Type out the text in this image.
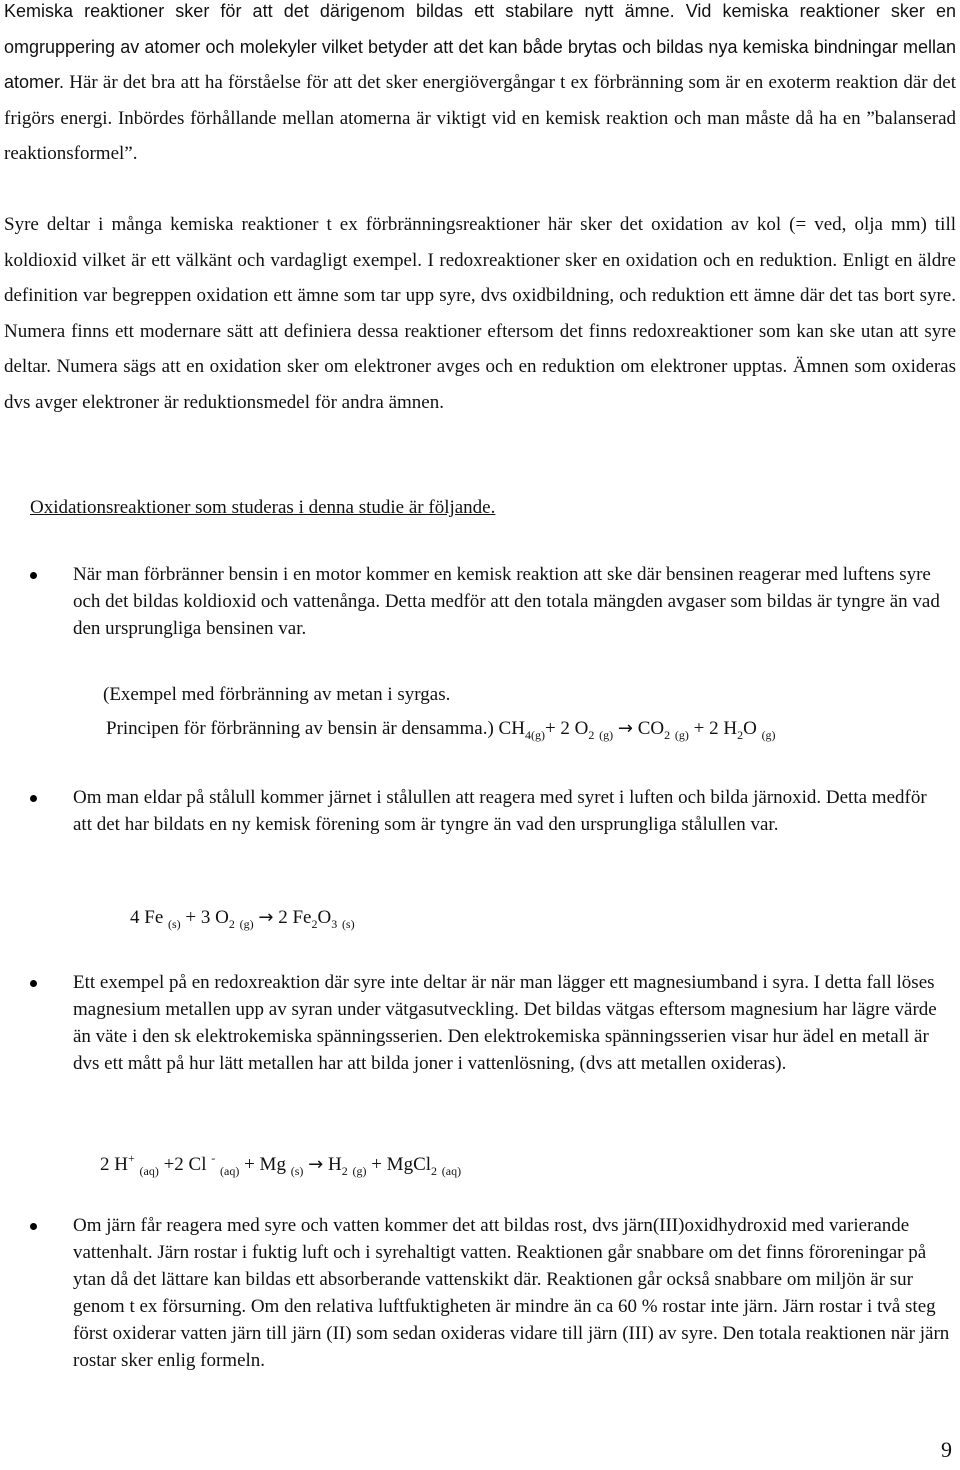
Kemiska reaktioner sker för att det därigenom bildas ett stabilare nytt ämne. Vid kemiska reaktioner sker en omgruppering av atomer och molekyler vilket betyder att det kan både brytas och bildas nya kemiska bindningar mellan atomer. Här är det bra att ha förståelse för att det sker energiövergångar t ex förbränning som är en exoterm reaktion där det frigörs energi. Inbördes förhållande mellan atomerna är viktigt vid en kemisk reaktion och man måste då ha en ”balanserad reaktionsformel”.
Syre deltar i många kemiska reaktioner t ex förbränningsreaktioner här sker det oxidation av kol (= ved, olja mm) till koldioxid vilket är ett välkänt och vardagligt exempel. I redoxreaktioner sker en oxidation och en reduktion. Enligt en äldre definition var begreppen oxidation ett ämne som tar upp syre, dvs oxidbildning, och reduktion ett ämne där det tas bort syre. Numera finns ett modernare sätt att definiera dessa reaktioner eftersom det finns redoxreaktioner som kan ske utan att syre deltar. Numera sägs att en oxidation sker om elektroner avges och en reduktion om elektroner upptas. Ämnen som oxideras dvs avger elektroner är reduktionsmedel för andra ämnen.
Oxidationsreaktioner som studeras i denna studie är följande.
När man förbränner bensin i en motor kommer en kemisk reaktion att ske där bensinen reagerar med luftens syre och det bildas koldioxid och vattenånga. Detta medför att den totala mängden avgaser som bildas är tyngre än vad den ursprungliga bensinen var.
(Exempel med förbränning av metan i syrgas.
Principen för förbränning av bensin är densamma.) $CH_{4(g)}+ 2$ $O_2$ $_{(g)} \to CO_2$ $_{(g)}$ + 2 $H_2O$ $_{(g)}$
Om man eldar på stålull kommer järnet i stålullen att reagera med syret i luften och bilda järnoxid. Detta medför att det har bildats en ny kemisk förening som är tyngre än vad den ursprungliga stålullen var.
4 Fe $_{(s)}$ + 3 $O_2$ $_{(g)}$ → 2 $Fe_2O_3$ $_{(s)}$
Ett exempel på en redoxreaktion där syre inte deltar är när man lägger ett magnesiumband i syra. I detta fall löses magnesium metallen upp av syran under vätgasutveckling. Det bildas vätgas eftersom magnesium har lägre värde än väte i den sk elektrokemiska spänningsserien. Den elektrokemiska spänningsserien visar hur ädel en metall är dvs ett mått på hur lätt metallen har att bilda joner i vattenlösning, (dvs att metallen oxideras).
2 H+ $_{(aq)}$ +2 Cl - $_{(aq)}$ + Mg $_{(s)} \to H_2$ $_{(g)}$ + MgCl$_2$ $_{(aq)}$
Om järn får reagera med syre och vatten kommer det att bildas rost, dvs järn(III)oxidhydroxid med varierande vattenhalt. Järn rostar i fuktig luft och i syrehaltigt vatten. Reaktionen går snabbare om det finns föroreningar på ytan då det lättare kan bildas ett absorberande vattenskikt där. Reaktionen går också snabbare om miljön är sur genom t ex försurning. Om den relativa luftfuktigheten är mindre än ca 60 % rostar inte järn. Järn rostar i två steg först oxiderar vatten järn till järn (II) som sedan oxideras vidare till järn (III) av syre. Den totala reaktionen när järn rostar sker enlig formeln.
9
